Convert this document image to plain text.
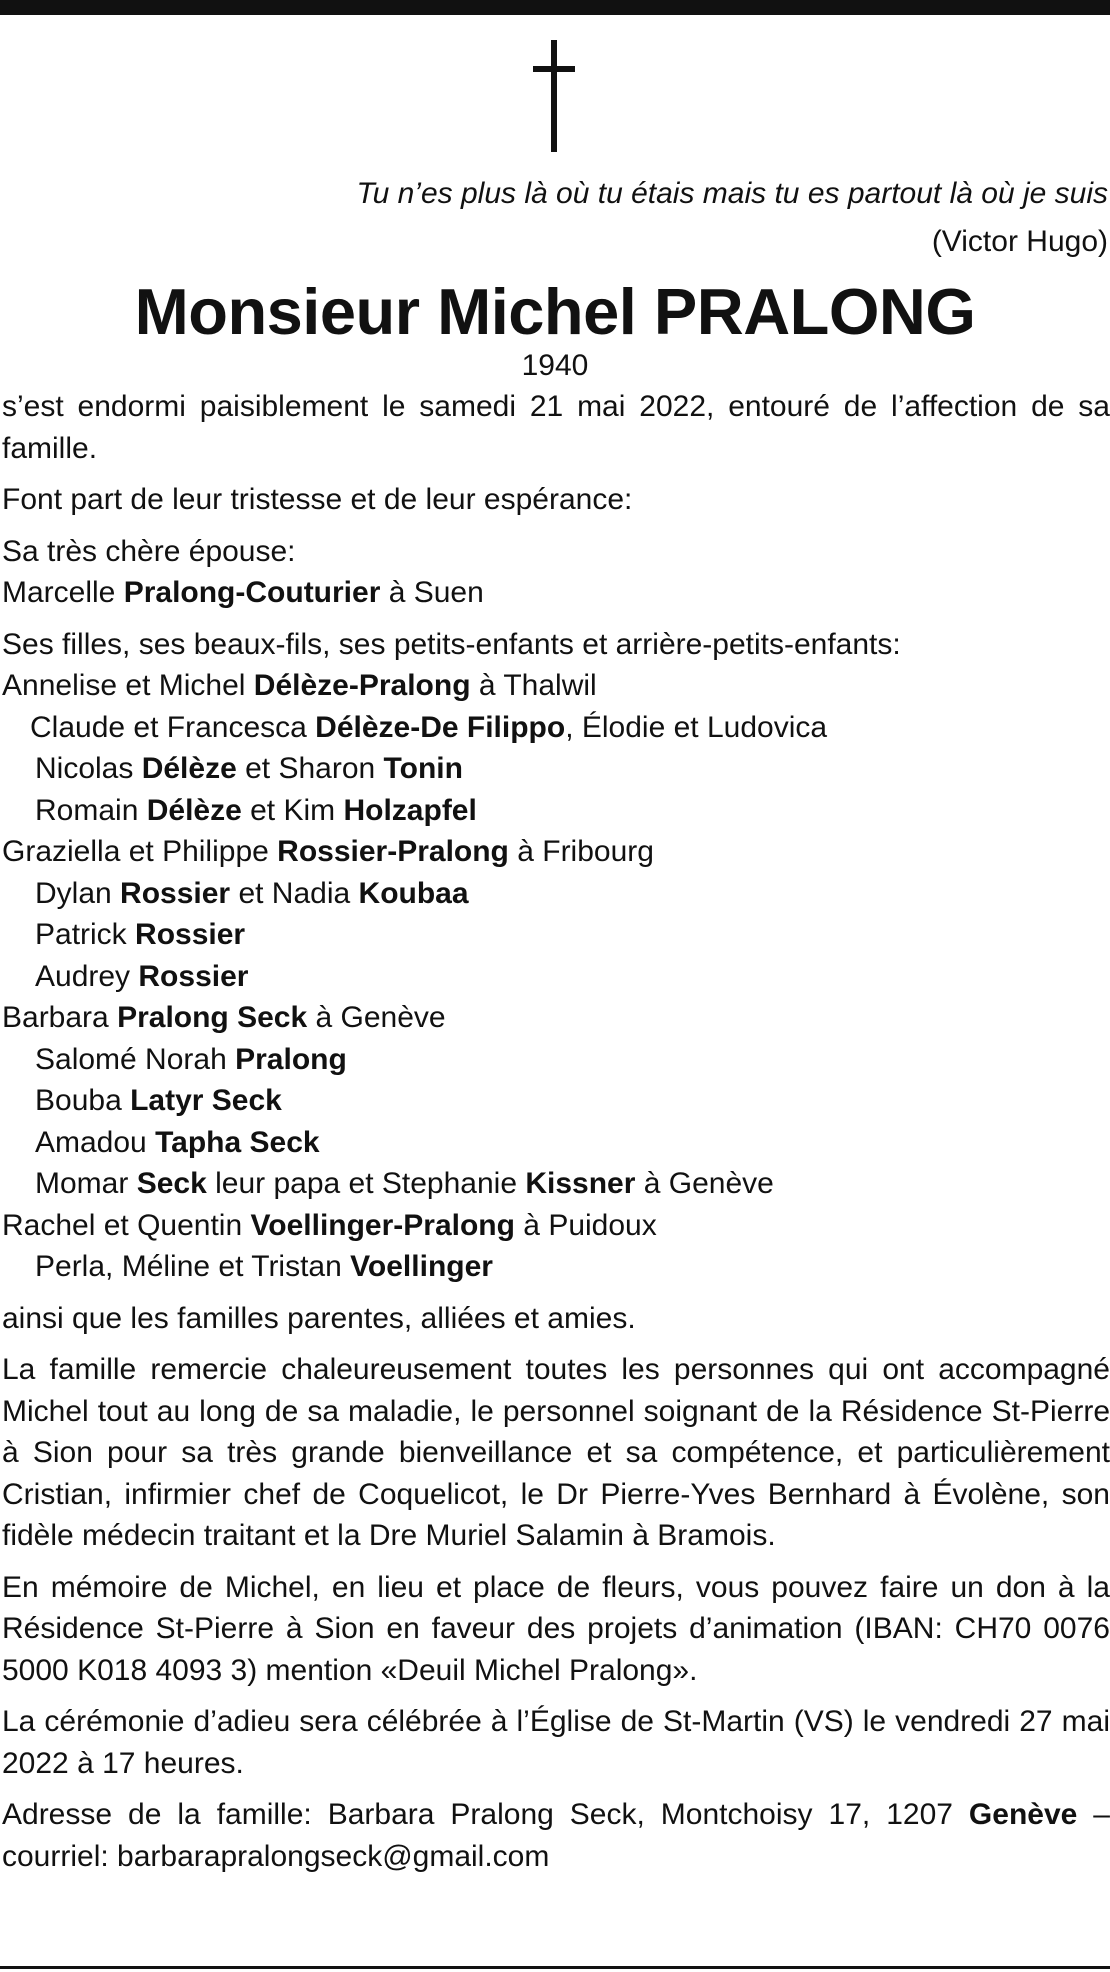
Tu n’es plus là où tu étais mais tu es partout là où je suis
(Victor Hugo)
Monsieur Michel PRALONG
1940
s’est endormi paisiblement le samedi 21 mai 2022, entouré de l’affection de sa famille.
Font part de leur tristesse et de leur espérance:
Sa très chère épouse:
Marcelle Pralong-Couturier à Suen
Ses filles, ses beaux-fils, ses petits-enfants et arrière-petits-enfants:
Annelise et Michel Délèze-Pralong à Thalwil
Claude et Francesca Délèze-De Filippo, Élodie et Ludovica
Nicolas Délèze et Sharon Tonin
Romain Délèze et Kim Holzapfel
Graziella et Philippe Rossier-Pralong à Fribourg
Dylan Rossier et Nadia Koubaa
Patrick Rossier
Audrey Rossier
Barbara Pralong Seck à Genève
Salomé Norah Pralong
Bouba Latyr Seck
Amadou Tapha Seck
Momar Seck leur papa et Stephanie Kissner à Genève
Rachel et Quentin Voellinger-Pralong à Puidoux
Perla, Méline et Tristan Voellinger
ainsi que les familles parentes, alliées et amies.
La famille remercie chaleureusement toutes les personnes qui ont accompagné Michel tout au long de sa maladie, le personnel soignant de la Résidence St-Pierre à Sion pour sa très grande bienveillance et sa compétence, et particulièrement Cristian, infirmier chef de Coquelicot, le Dr Pierre-Yves Bernhard à Évolène, son fidèle médecin traitant et la Dre Muriel Salamin à Bramois.
En mémoire de Michel, en lieu et place de fleurs, vous pouvez faire un don à la Résidence St-Pierre à Sion en faveur des projets d’animation (IBAN: CH70 0076 5000 K018 4093 3) mention «Deuil Michel Pralong».
La cérémonie d’adieu sera célébrée à l’Église de St-Martin (VS) le vendredi 27 mai 2022 à 17 heures.
Adresse de la famille: Barbara Pralong Seck, Montchoisy 17, 1207 Genève – courriel: barbarapralongseck@gmail.com
